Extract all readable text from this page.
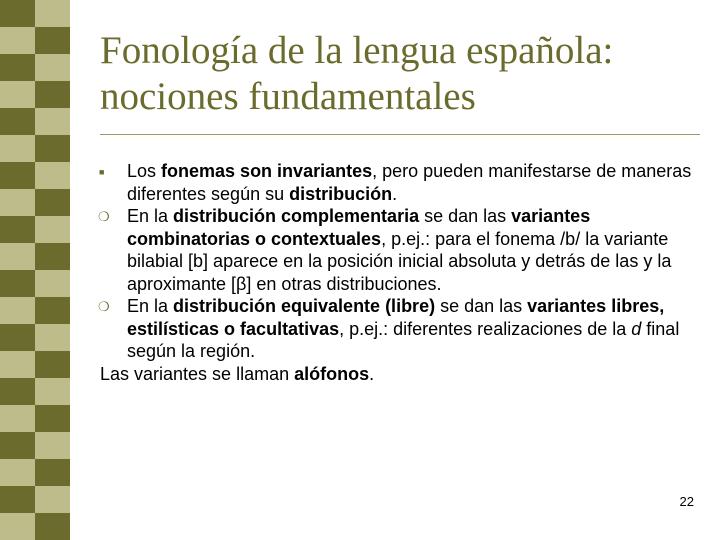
Fonología de la lengua española: nociones fundamentales
■ Los fonemas son invariantes, pero pueden manifestarse de maneras diferentes según su distribución.
❍ En la distribución complementaria se dan las variantes combinatorias o contextuales, p.ej.: para el fonema /b/ la variante bilabial [b] aparece en la posición inicial absoluta y detrás de las y la aproximante [β] en otras distribuciones.
❍ En la distribución equivalente (libre) se dan las variantes libres, estilísticas o facultativas, p.ej.: diferentes realizaciones de la d final según la región.
Las variantes se llaman alófonos.
22
